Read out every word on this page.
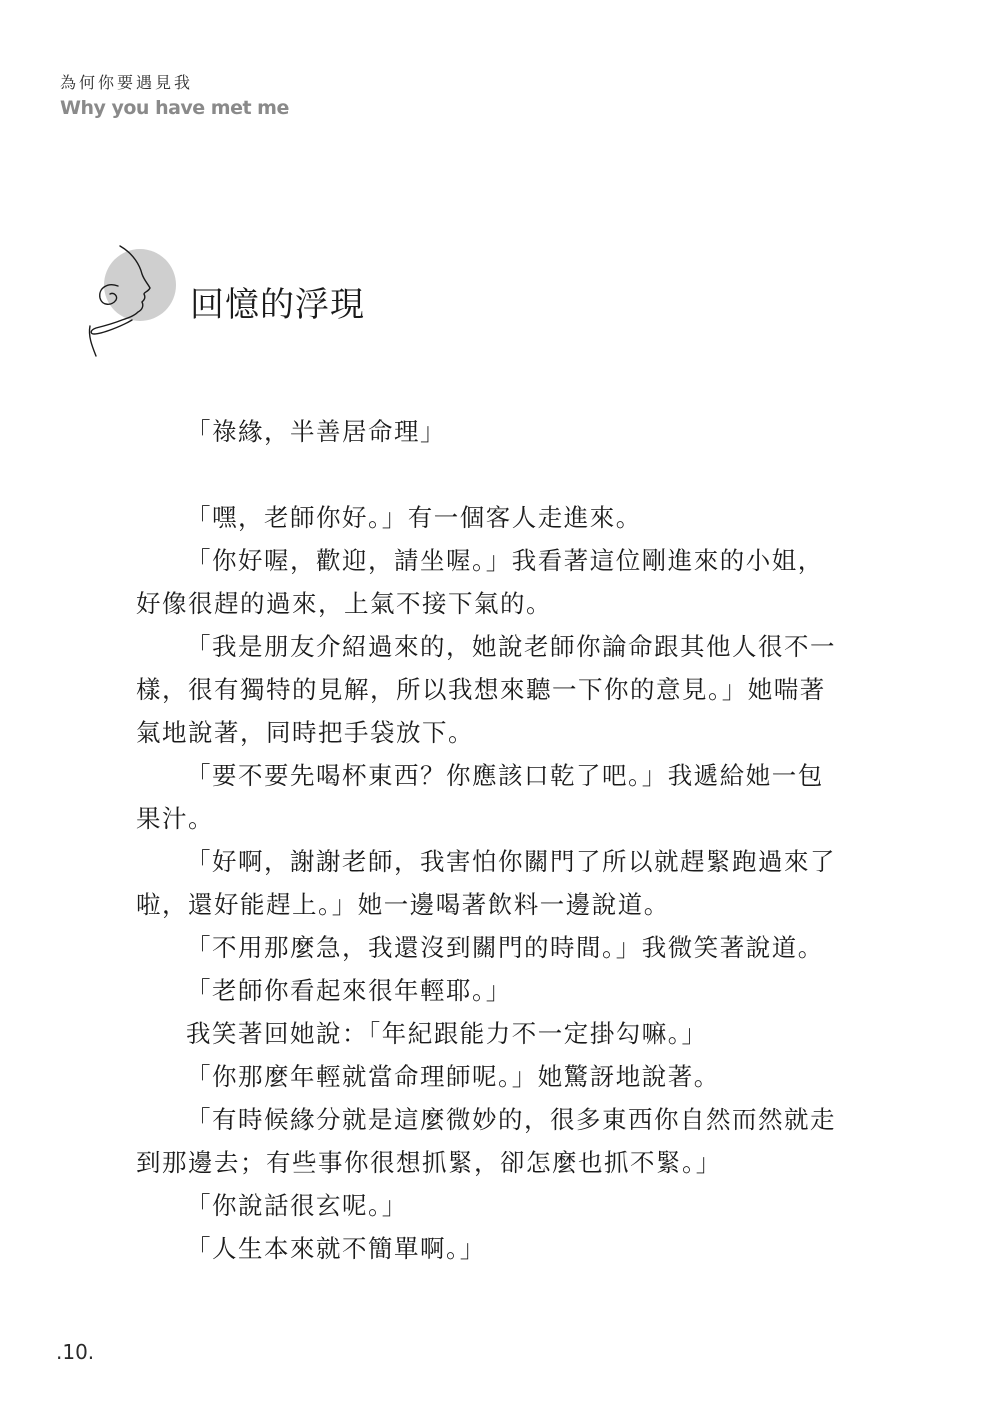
為何你要遇見我
Why you have met me
回憶的浮現

「祿緣，半善居命理」

「嘿，老師你好。」有一個客人走進來。

「你好喔，歡迎，請坐喔。」我看著這位剛進來的小姐，好像很趕的過來，上氣不接下氣的。

「我是朋友介紹過來的，她說老師你論命跟其他人很不一樣，很有獨特的見解，所以我想來聽一下你的意見。」她喘著氣地說著，同時把手袋放下。

「要不要先喝杯東西？你應該口乾了吧。」我遞給她一包果汁。

「好啊，謝謝老師，我害怕你關門了所以就趕緊跑過來了啦，還好能趕上。」她一邊喝著飲料一邊說道。

「不用那麼急，我還沒到關門的時間。」我微笑著說道。

「老師你看起來很年輕耶。」

我笑著回她說：「年紀跟能力不一定掛勾嘛。」

「你那麼年輕就當命理師呢。」她驚訝地說著。

「有時候緣分就是這麼微妙的，很多東西你自然而然就走到那邊去；有些事你很想抓緊，卻怎麼也抓不緊。」

「你說話很玄呢。」

「人生本來就不簡單啊。」

.10.
